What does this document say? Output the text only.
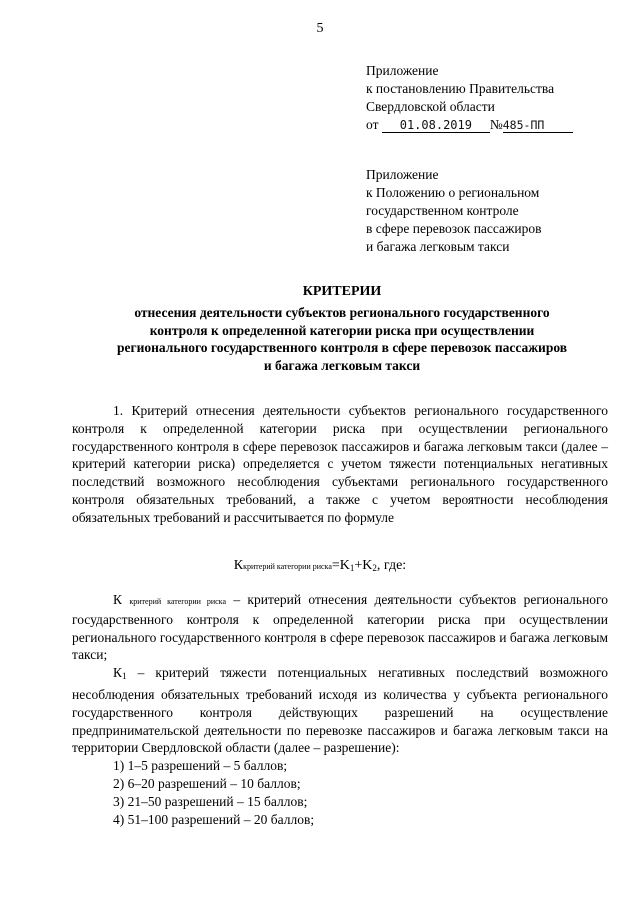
5
Приложение
к постановлению Правительства
Свердловской области
от 01.08.2019 №485-ПП
Приложение
к Положению о региональном
государственном контроле
в сфере перевозок пассажиров
и багажа легковым такси
КРИТЕРИИ
отнесения деятельности субъектов регионального государственного
контроля к определенной категории риска при осуществлении
регионального государственного контроля в сфере перевозок пассажиров
и багажа легковым такси
1. Критерий отнесения деятельности субъектов регионального государственного контроля к определенной категории риска при осуществлении регионального государственного контроля в сфере перевозок пассажиров и багажа легковым такси (далее – критерий категории риска) определяется с учетом тяжести потенциальных негативных последствий возможного несоблюдения субъектами регионального государственного контроля обязательных требований, а также с учетом вероятности несоблюдения обязательных требований и рассчитывается по формуле
Ккритерий категории риска=K1+K2, где:

К критерий категории риска – критерий отнесения деятельности субъектов регионального государственного контроля к определенной категории риска при осуществлении регионального государственного контроля в сфере перевозок пассажиров и багажа легковым такси;

К1 – критерий тяжести потенциальных негативных последствий возможного несоблюдения обязательных требований исходя из количества у субъекта регионального государственного контроля действующих разрешений на осуществление предпринимательской деятельности по перевозке пассажиров и багажа легковым такси на территории Свердловской области (далее – разрешение):

1) 1–5 разрешений – 5 баллов;
2) 6–20 разрешений – 10 баллов;
3) 21–50 разрешений – 15 баллов;
4) 51–100 разрешений – 20 баллов;
